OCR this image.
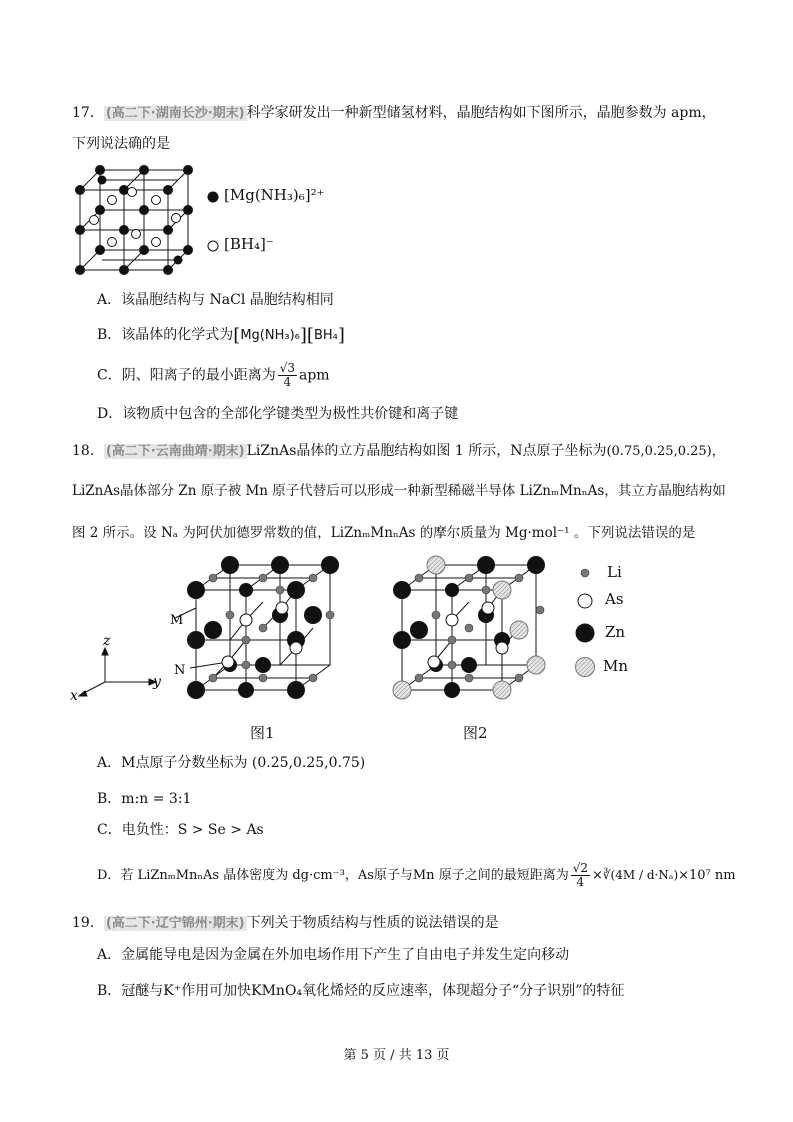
17． (高二下·湖南长沙·期末) 科学家研发出一种新型储氢材料，晶胞结构如下图所示，晶胞参数为 apm，
下列说法确的是
[Mg(NH₃)₆]²⁺
[BH₄]⁻
A．该晶胞结构与 NaCl 晶胞结构相同
B．该晶体的化学式为[Mg(NH₃)₆][BH₄]
C．阴、阳离子的最小距离为 $\frac{√3}{4}$ apm
D．该物质中包含的全部化学键类型为极性共价键和离子键
18． (高二下·云南曲靖·期末) LiZnAs晶体的立方晶胞结构如图 1 所示，N点原子坐标为(0.75,0.25,0.25)，
LiZnAs晶体部分 Zn 原子被 Mn 原子代替后可以形成一种新型稀磁半导体 LiZnₘMnₙAs，其立方晶胞结构如
图 2 所示。设 Nₐ 为阿伏加德罗常数的值，LiZnₘMnₙAs 的摩尔质量为 Mg·mol⁻¹ 。下列说法错误的是
z
y
x
M
N
Li
As
Zn
Mn
图1	图2
A．M点原子分数坐标为 (0.25,0.25,0.75)
B．m:n = 3:1
C．电负性：S > Se > As
D．若 LiZnₘMnₙAs 晶体密度为 dg·cm⁻³，As原子与Mn 原子之间的最短距离为 $\frac{√2}{4}$ ×∛(4M / d·Nₐ)×10⁷ nm
19． (高二下·辽宁锦州·期末) 下列关于物质结构与性质的说法错误的是
A．金属能导电是因为金属在外加电场作用下产生了自由电子并发生定向移动
B．冠醚与K⁺作用可加快KMnO₄氧化烯烃的反应速率，体现超分子“分子识别”的特征
第 5 页 / 共 13 页
